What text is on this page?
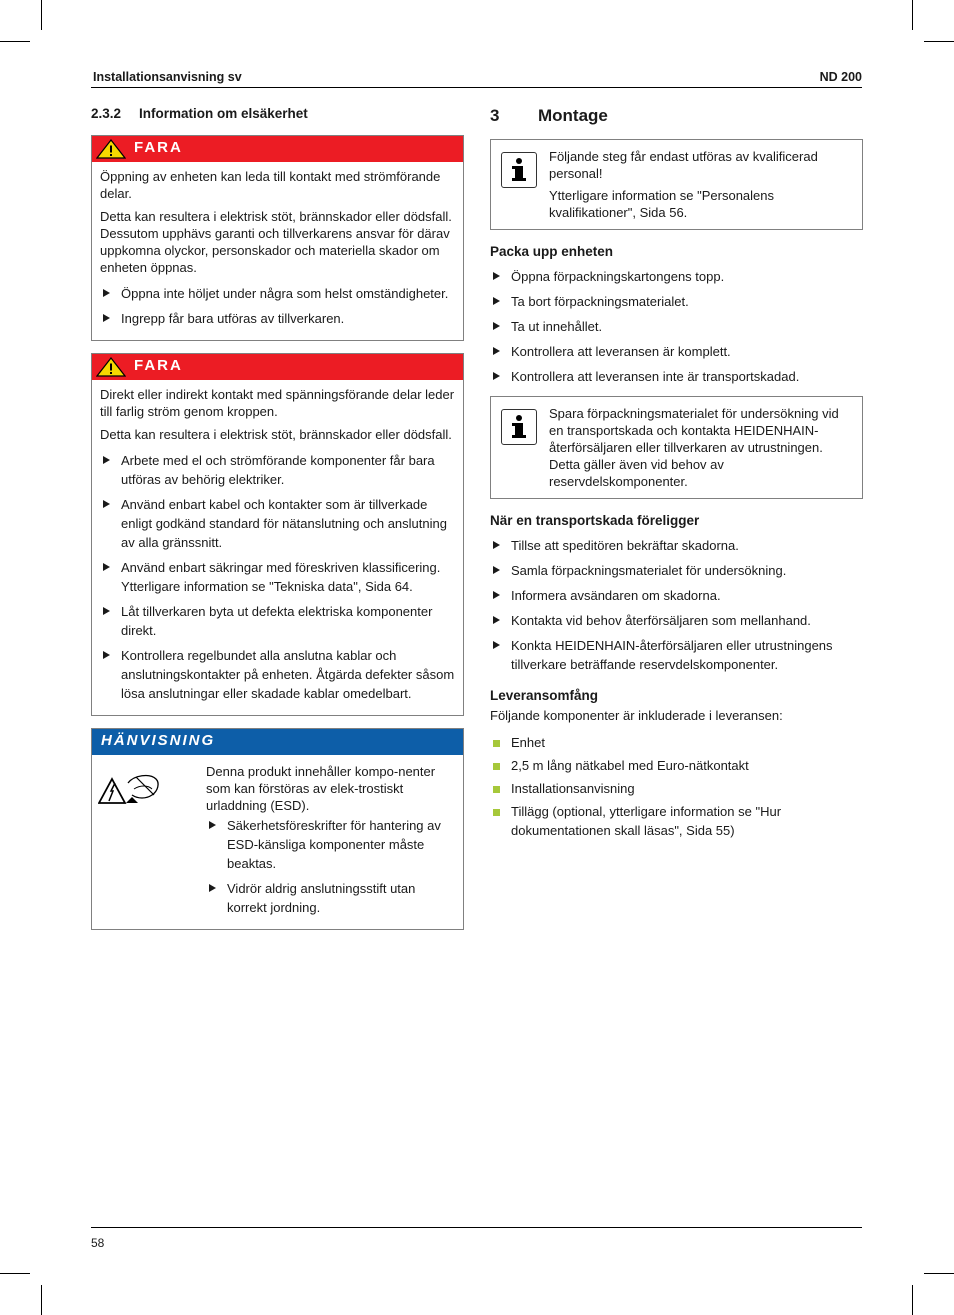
Installationsanvisning sv	ND 200
2.3.2 Information om elsäkerhet
FARA

Öppning av enheten kan leda till kontakt med strömförande delar.

Detta kan resultera i elektrisk stöt, brännskador eller dödsfall. Dessutom upphävs garanti och tillverkarens ansvar för därav uppkomna olyckor, personskador och materiella skador om enheten öppnas.

Öppna inte höljet under några som helst omständigheter.
Ingrepp får bara utföras av tillverkaren.
FARA

Direkt eller indirekt kontakt med spänningsförande delar leder till farlig ström genom kroppen.

Detta kan resultera i elektrisk stöt, brännskador eller dödsfall.

Arbete med el och strömförande komponenter får bara utföras av behörig elektriker.
Använd enbart kabel och kontakter som är tillverkade enligt godkänd standard för nätanslutning och anslutning av alla gränssnitt.
Använd enbart säkringar med föreskriven klassificering. Ytterligare information se "Tekniska data", Sida 64.
Låt tillverkaren byta ut defekta elektriska komponenter direkt.
Kontrollera regelbundet alla anslutna kablar och anslutningskontakter på enheten. Åtgärda defekter såsom lösa anslutningar eller skadade kablar omedelbart.
HÄNVISNING
Denna produkt innehåller kompo-nenter som kan förstöras av elek-trostiskt urladdning (ESD).
Säkerhetsföreskrifter för hantering av ESD-känsliga komponenter måste beaktas.
Vidrör aldrig anslutningsstift utan korrekt jordning.
3 Montage

Följande steg får endast utföras av kvalificerad personal!

Ytterligare information se "Personalens kvalifikationer", Sida 56.

Packa upp enheten
Öppna förpackningskartongens topp.
Ta bort förpackningsmaterialet.
Ta ut innehållet.
Kontrollera att leveransen är komplett.
Kontrollera att leveransen inte är transportskadad.

Spara förpackningsmaterialet för undersökning vid en transportskada och kontakta HEIDENHAIN-återförsäljaren eller tillverkaren av utrustningen. Detta gäller även vid behov av reservdelskomponenter.

När en transportskada föreligger
Tillse att speditören bekräftar skadorna.
Samla förpackningsmaterialet för undersökning.
Informera avsändaren om skadorna.
Kontakta vid behov återförsäljaren som mellanhand.
Konkta HEIDENHAIN-återförsäljaren eller utrustningens tillverkare beträffande reservdelskomponenter.
Leveransomfång
Följande komponenter är inkluderade i leveransen:
Enhet
2,5 m lång nätkabel med Euro-nätkontakt
Installationsanvisning
Tillägg (optional, ytterligare information se "Hur dokumentationen skall läsas", Sida 55)
58
